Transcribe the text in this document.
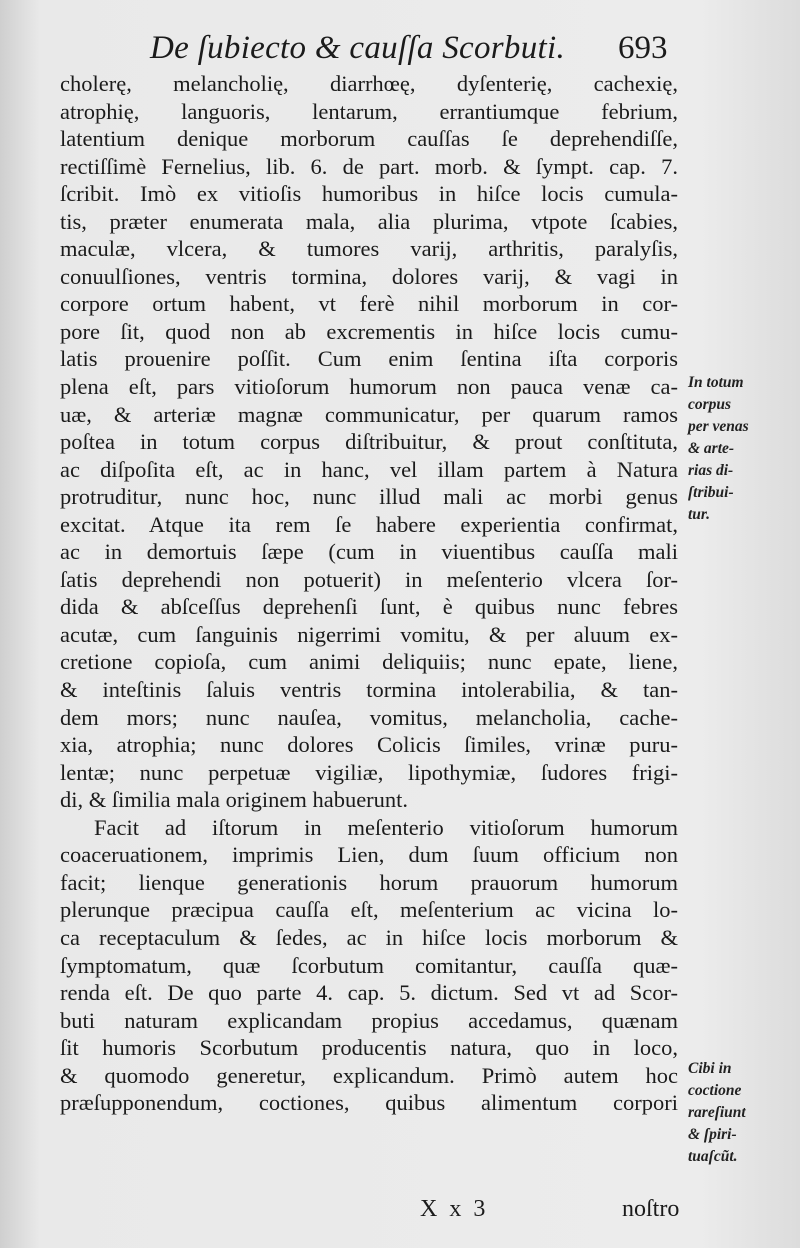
De ſubiecto & cauſſa Scorbuti. 693
cholerę, melancholię, diarrhœę, dyſenterię, cachexię,
atrophię, languoris, lentarum, errantiumque febrium,
latentium denique morborum cauſſas ſe deprehendiſſe,
rectiſſimè Fernelius, lib. 6. de part. morb. & ſympt. cap. 7.
ſcribit. Imò ex vitioſis humoribus in hiſce locis cumula-
tis, prӕter enumerata mala, alia plurima, vtpote ſcabies,
maculӕ, vlcera, & tumores varij, arthritis, paralyſis,
conuulſiones, ventris tormina, dolores varij, & vagi in
corpore ortum habent, vt ferè nihil morborum in cor-
pore ſit, quod non ab excrementis in hiſce locis cumu-
latis prouenire poſſit. Cum enim ſentina iſta corporis
plena eſt, pars vitioſorum humorum non pauca venӕ ca-
uӕ, & arteriӕ magnӕ communicatur, per quarum ramos
poſtea in totum corpus diſtribuitur, & prout conſtituta,
ac diſpoſita eſt, ac in hanc, vel illam partem à Natura
protruditur, nunc hoc, nunc illud mali ac morbi genus
excitat. Atque ita rem ſe habere experientia confirmat,
ac in demortuis ſӕpe (cum in viuentibus cauſſa mali
ſatis deprehendi non potuerit) in meſenterio vlcera ſor-
dida & abſceſſus deprehenſi ſunt, è quibus nunc febres
acutӕ, cum ſanguinis nigerrimi vomitu, & per aluum ex-
cretione copioſa, cum animi deliquiis; nunc epate, liene,
& inteſtinis ſaluis ventris tormina intolerabilia, & tan-
dem mors; nunc nauſea, vomitus, melancholia, cache-
xia, atrophia; nunc dolores Colicis ſimiles, vrinӕ puru-
lentӕ; nunc perpetuӕ vigiliӕ, lipothymiӕ, ſudores frigi-
di, & ſimilia mala originem habuerunt.
Facit ad iſtorum in meſenterio vitioſorum humorum
coaceruationem, imprimis Lien, dum ſuum officium non
facit; lienque generationis horum prauorum humorum
plerunque prӕcipua cauſſa eſt, meſenterium ac vicina lo-
ca receptaculum & ſedes, ac in hiſce locis morborum &
ſymptomatum, quӕ ſcorbutum comitantur, cauſſa quӕ-
renda eſt. De quo parte 4. cap. 5. dictum. Sed vt ad Scor-
buti naturam explicandam propius accedamus, quӕnam
ſit humoris Scorbutum producentis natura, quo in loco,
& quomodo generetur, explicandum. Primò autem hoc
prӕſupponendum, coctiones, quibus alimentum corpori
In totum
corpus
per venas
& arte-
rias di-
ſtribui-
tur.
Cibi in
coctione
rareſiunt
& ſpiri-
tuaſcũt.
X x 3	noſtro
